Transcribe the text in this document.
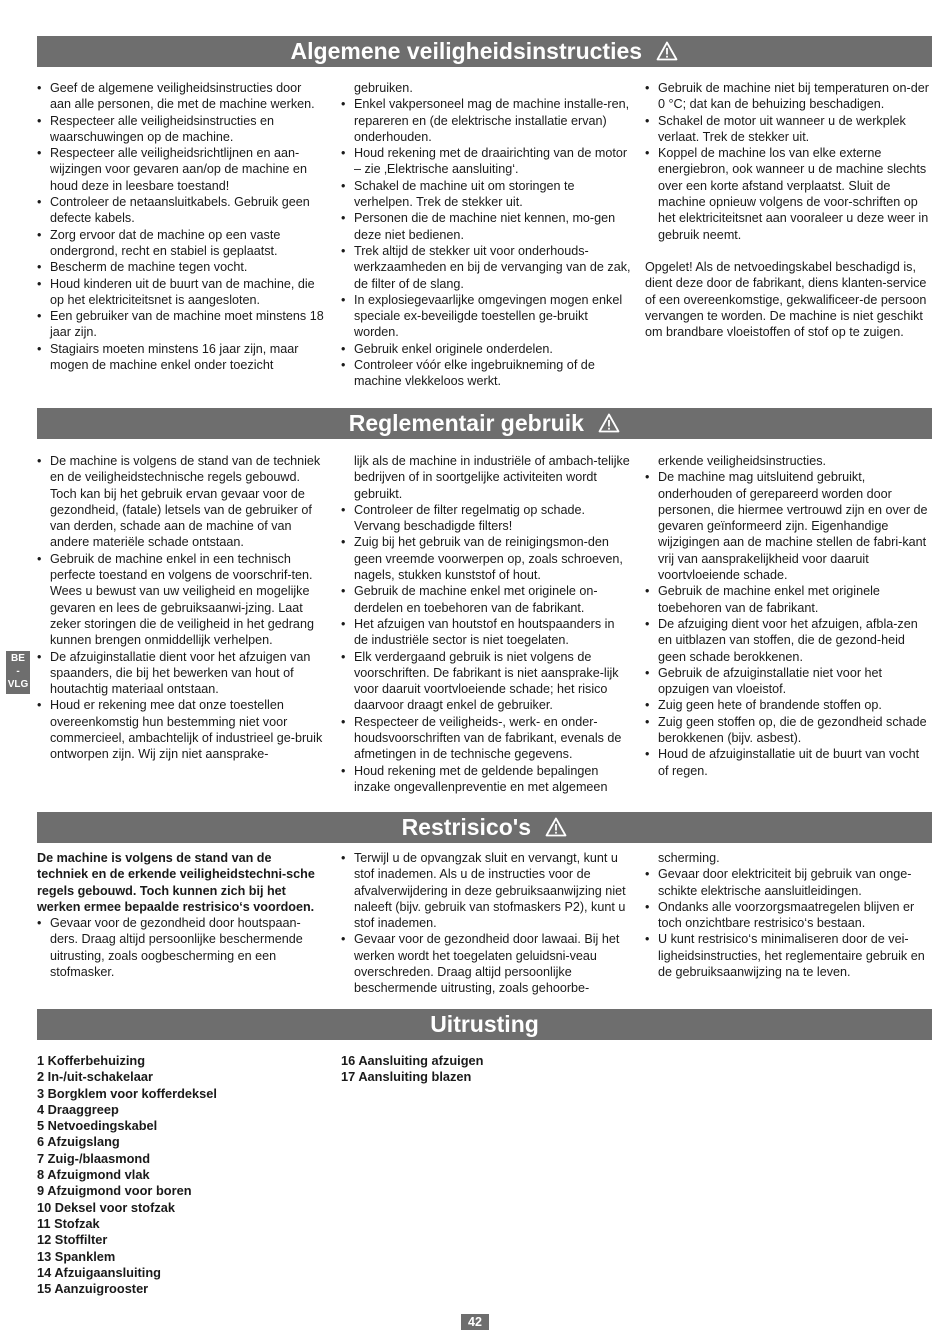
Algemene veiligheidsinstructies
• Geef de algemene veiligheidsinstructies door aan alle personen, die met de machine werken.
• Respecteer alle veiligheidsinstructies en waarschuwingen op de machine.
• Respecteer alle veiligheidsrichtlijnen en aan-wijzingen voor gevaren aan/op de machine en houd deze in leesbare toestand!
• Controleer de netaansluitkabels. Gebruik geen defecte kabels.
• Zorg ervoor dat de machine op een vaste ondergrond, recht en stabiel is geplaatst.
• Bescherm de machine tegen vocht.
• Houd kinderen uit de buurt van de machine, die op het elektriciteitsnet is aangesloten.
• Een gebruiker van de machine moet minstens 18 jaar zijn.
• Stagiairs moeten minstens 16 jaar zijn, maar mogen de machine enkel onder toezicht
gebruiken.
• Enkel vakpersoneel mag de machine installe-ren, repareren en (de elektrische installatie ervan) onderhouden.
• Houd rekening met de draairichting van de motor – zie ‚Elektrische aansluiting‘.
• Schakel de machine uit om storingen te verhelpen. Trek de stekker uit.
• Personen die de machine niet kennen, mo-gen deze niet bedienen.
• Trek altijd de stekker uit voor onderhouds-werkzaamheden en bij de vervanging van de zak, de filter of de slang.
• In explosiegevaarlijke omgevingen mogen enkel speciale ex-beveiligde toestellen ge-bruikt worden.
• Gebruik enkel originele onderdelen.
• Controleer vóór elke ingebruikneming of de machine vlekkeloos werkt.
• Gebruik de machine niet bij temperaturen on-der 0 °C; dat kan de behuizing beschadigen.
• Schakel de motor uit wanneer u de werkplek verlaat. Trek de stekker uit.
• Koppel de machine los van elke externe energiebron, ook wanneer u de machine slechts over een korte afstand verplaatst. Sluit de machine opnieuw volgens de voor-schriften op het elektriciteitsnet aan vooraleer u deze weer in gebruik neemt.
Opgelet! Als de netvoedingskabel beschadigd is, dient deze door de fabrikant, diens klanten-service of een overeenkomstige, gekwalificeer-de persoon vervangen te worden. De machine is niet geschikt om brandbare vloeistoffen of stof op te zuigen.
Reglementair gebruik
• De machine is volgens de stand van de techniek en de veiligheidstechnische regels gebouwd. Toch kan bij het gebruik ervan gevaar voor de gezondheid, (fatale) letsels van de gebruiker of van derden, schade aan de machine of van andere materiële schade ontstaan.
• Gebruik de machine enkel in een technisch perfecte toestand en volgens de voorschrif-ten. Wees u bewust van uw veiligheid en mogelijke gevaren en lees de gebruiksaanwi-jzing. Laat zeker storingen die de veiligheid in het gedrang kunnen brengen onmiddellijk verhelpen.
• De afzuiginstallatie dient voor het afzuigen van spaanders, die bij het bewerken van hout of houtachtig materiaal ontstaan.
• Houd er rekening mee dat onze toestellen overeenkomstig hun bestemming niet voor commercieel, ambachtelijk of industrieel ge-bruik ontworpen zijn. Wij zijn niet aansprake-
lijk als de machine in industriële of ambach-telijke bedrijven of in soortgelijke activiteiten wordt gebruikt.
• Controleer de filter regelmatig op schade. Vervang beschadigde filters!
• Zuig bij het gebruik van de reinigingsmon-den geen vreemde voorwerpen op, zoals schroeven, nagels, stukken kunststof of hout.
• Gebruik de machine enkel met originele on-derdelen en toebehoren van de fabrikant.
• Het afzuigen van houtstof en houtspaanders in de industriële sector is niet toegelaten.
• Elk verdergaand gebruik is niet volgens de voorschriften. De fabrikant is niet aansprake-lijk voor daaruit voortvloeiende schade; het risico daarvoor draagt enkel de gebruiker.
• Respecteer de veiligheids-, werk- en onder-houdsvoorschriften van de fabrikant, evenals de afmetingen in de technische gegevens.
• Houd rekening met de geldende bepalingen inzake ongevallenpreventie en met algemeen
erkende veiligheidsinstructies.
• De machine mag uitsluitend gebruikt, onderhouden of gerepareerd worden door personen, die hiermee vertrouwd zijn en over de gevaren geïnformeerd zijn. Eigenhandige wijzigingen aan de machine stellen de fabri-kant vrij van aansprakelijkheid voor daaruit voortvloeiende schade.
• Gebruik de machine enkel met originele toebehoren van de fabrikant.
• De afzuiging dient voor het afzuigen, afbla-zen en uitblazen van stoffen, die de gezond-heid geen schade berokkenen.
• Gebruik de afzuiginstallatie niet voor het opzuigen van vloeistof.
• Zuig geen hete of brandende stoffen op.
• Zuig geen stoffen op, die de gezondheid schade berokkenen (bijv. asbest).
• Houd de afzuiginstallatie uit de buurt van vocht of regen.
Restrisico's
De machine is volgens de stand van de techniek en de erkende veiligheidstechni-sche regels gebouwd. Toch kunnen zich bij het werken ermee bepaalde restrisico‘s voordoen.
• Gevaar voor de gezondheid door houtspaan-ders. Draag altijd persoonlijke beschermende uitrusting, zoals oogbescherming en een stofmasker.
• Terwijl u de opvangzak sluit en vervangt, kunt u stof inademen. Als u de instructies voor de afvalverwijdering in deze gebruiksaanwijzing niet naleeft (bijv. gebruik van stofmaskers P2), kunt u stof inademen.
• Gevaar voor de gezondheid door lawaai. Bij het werken wordt het toegelaten geluidsni-veau overschreden. Draag altijd persoonlijke beschermende uitrusting, zoals gehoorbe-
scherming.
• Gevaar door elektriciteit bij gebruik van onge-schikte elektrische aansluitleidingen.
• Ondanks alle voorzorgsmaatregelen blijven er toch onzichtbare restrisico‘s bestaan.
• U kunt restrisico‘s minimaliseren door de vei-ligheidsinstructies, het reglementaire gebruik en de gebruiksaanwijzing na te leven.
Uitrusting
1 Kofferbehuizing
2 In-/uit-schakelaar
3 Borgklem voor kofferdeksel
4 Draaggreep
5 Netvoedingskabel
6 Afzuigslang
7 Zuig-/blaasmond
8 Afzuigmond vlak
9 Afzuigmond voor boren
10 Deksel voor stofzak
11 Stofzak
12 Stoffilter
13 Spanklem
14 Afzuigaansluiting
15 Aanzuigrooster
16 Aansluiting afzuigen
17 Aansluiting blazen
BE
-
VLG
42
